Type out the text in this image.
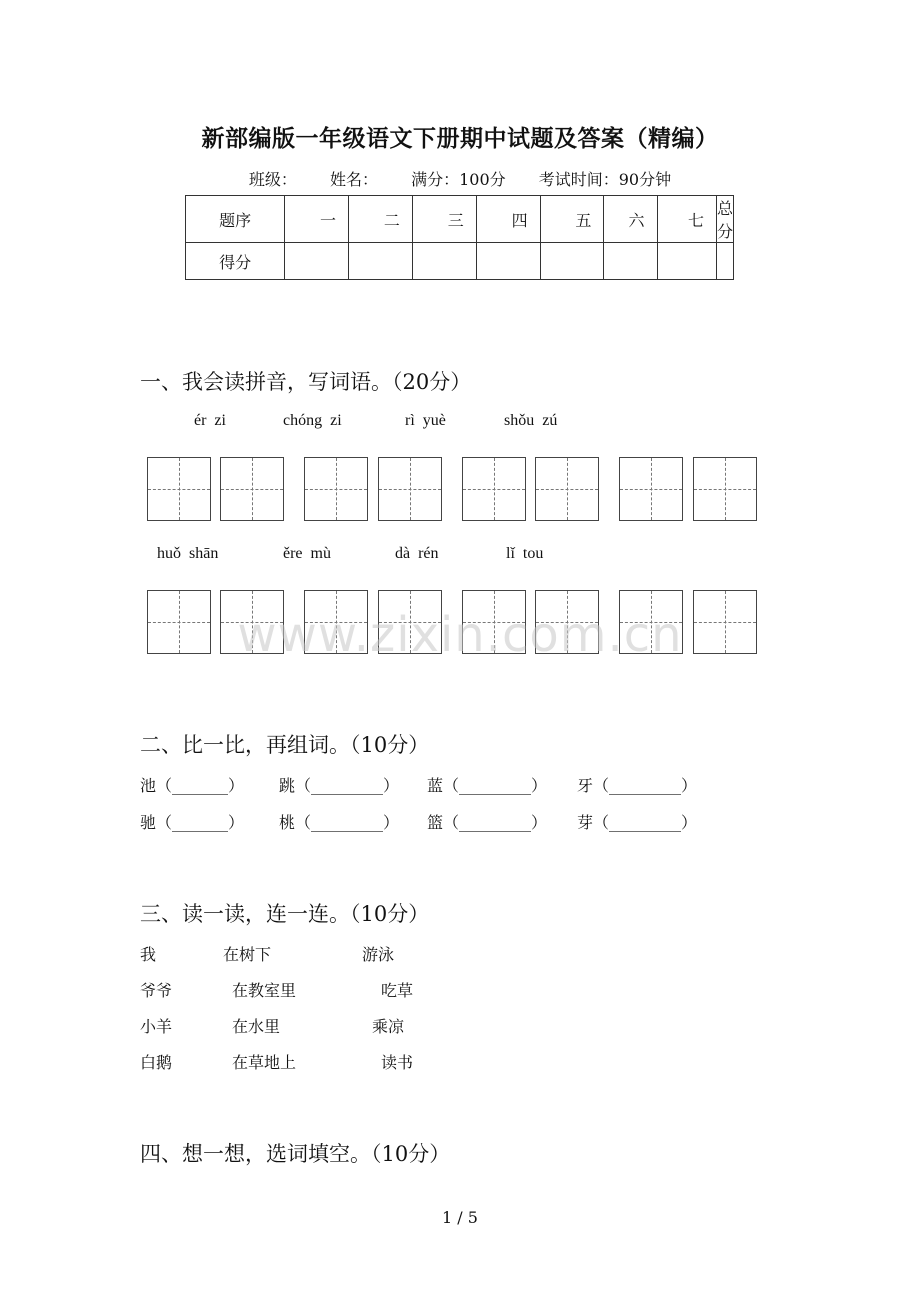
新部编版一年级语文下册期中试题及答案（精编）
班级： 姓名： 满分：100分 考试时间：90分钟
题序	一	二	三	四	五	六	七	总分
得分								
一、我会读拼音，写词语。（20分）
ér  zi	chóng  zi	rì  yuè	shǒu  zú
huǒ  shān	ěre  mù	dà  rén	lǐ  tou
www.zixin.com.cn
二、比一比，再组词。（10分）
池（_______） 跳（_________） 蓝（_________） 牙（_________）
驰（_______） 桃（_________） 篮（_________） 芽（_________）
三、读一读，连一连。（10分）
我	在树下	游泳
爷爷	在教室里	吃草
小羊	在水里	乘凉
白鹅	在草地上	读书
四、想一想，选词填空。（10分）
1 / 5
